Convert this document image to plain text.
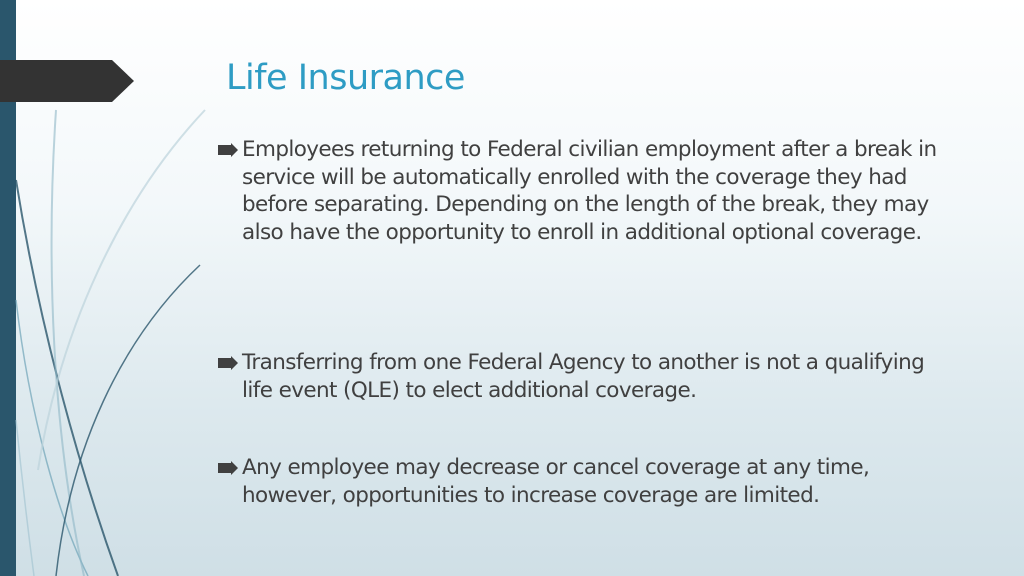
Life Insurance
Employees returning to Federal civilian employment after a break in service will be automatically enrolled with the coverage they had before separating. Depending on the length of the break, they may also have the opportunity to enroll in additional optional coverage.
Transferring from one Federal Agency to another is not a qualifying life event (QLE) to elect additional coverage.
Any employee may decrease or cancel coverage at any time, however, opportunities to increase coverage are limited.
